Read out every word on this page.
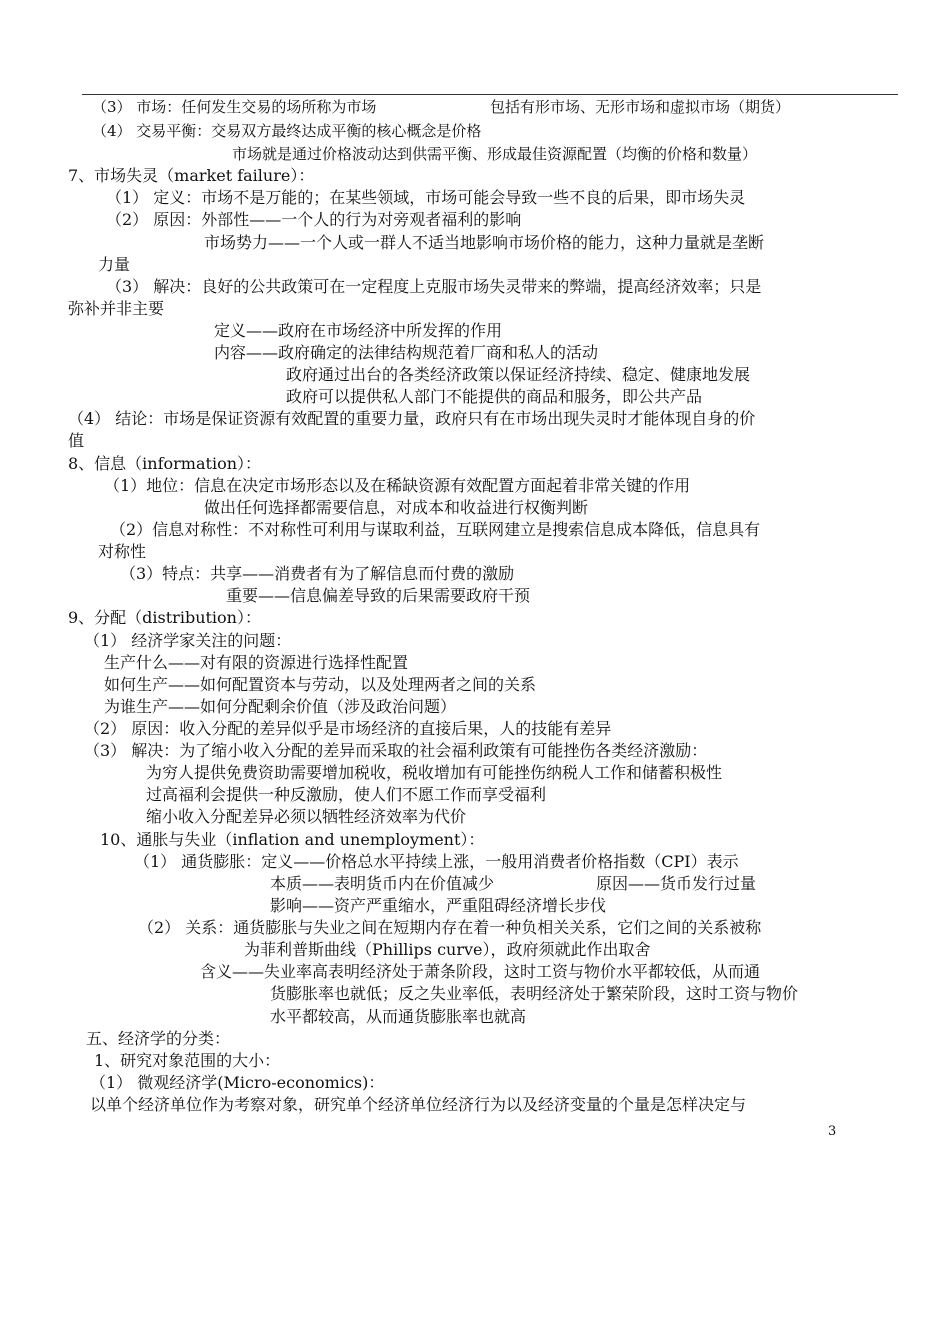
（3） 市场：任何发生交易的场所称为市场	包括有形市场、无形市场和虚拟市场（期货）
（4） 交易平衡：交易双方最终达成平衡的核心概念是价格
市场就是通过价格波动达到供需平衡、形成最佳资源配置（均衡的价格和数量）
7、市场失灵（market failure）：
（1） 定义：市场不是万能的；在某些领域，市场可能会导致一些不良的后果，即市场失灵
（2） 原因：外部性——一个人的行为对旁观者福利的影响
市场势力——一个人或一群人不适当地影响市场价格的能力，这种力量就是垄断
力量
（3） 解决：良好的公共政策可在一定程度上克服市场失灵带来的弊端，提高经济效率；只是
弥补并非主要
定义——政府在市场经济中所发挥的作用
内容——政府确定的法律结构规范着厂商和私人的活动
政府通过出台的各类经济政策以保证经济持续、稳定、健康地发展
政府可以提供私人部门不能提供的商品和服务，即公共产品
（4） 结论：市场是保证资源有效配置的重要力量，政府只有在市场出现失灵时才能体现自身的价
值
8、信息（information）：
（1）地位：信息在决定市场形态以及在稀缺资源有效配置方面起着非常关键的作用
做出任何选择都需要信息，对成本和收益进行权衡判断
（2）信息对称性：不对称性可利用与谋取利益，互联网建立是搜索信息成本降低，信息具有
对称性
（3）特点：共享——消费者有为了解信息而付费的激励
重要——信息偏差导致的后果需要政府干预
9、分配（distribution）：
（1） 经济学家关注的问题：
生产什么——对有限的资源进行选择性配置
如何生产——如何配置资本与劳动，以及处理两者之间的关系
为谁生产——如何分配剩余价值（涉及政治问题）
（2） 原因：收入分配的差异似乎是市场经济的直接后果，人的技能有差异
（3） 解决：为了缩小收入分配的差异而采取的社会福利政策有可能挫伤各类经济激励：
为穷人提供免费资助需要增加税收，税收增加有可能挫伤纳税人工作和储蓄积极性
过高福利会提供一种反激励，使人们不愿工作而享受福利
缩小收入分配差异必须以牺牲经济效率为代价
10、通胀与失业（inflation and unemployment）：
（1） 通货膨胀：定义——价格总水平持续上涨，一般用消费者价格指数（CPI）表示
本质——表明货币内在价值减少	原因——货币发行过量
影响——资产严重缩水，严重阻碍经济增长步伐
（2） 关系：通货膨胀与失业之间在短期内存在着一种负相关关系，它们之间的关系被称
为菲利普斯曲线（Phillips curve），政府须就此作出取舍
含义——失业率高表明经济处于萧条阶段，这时工资与物价水平都较低，从而通
货膨胀率也就低；反之失业率低，表明经济处于繁荣阶段，这时工资与物价
水平都较高，从而通货膨胀率也就高
五、经济学的分类：
1、研究对象范围的大小：
（1） 微观经济学(Micro-economics)：
以单个经济单位作为考察对象，研究单个经济单位经济行为以及经济变量的个量是怎样决定与
3
